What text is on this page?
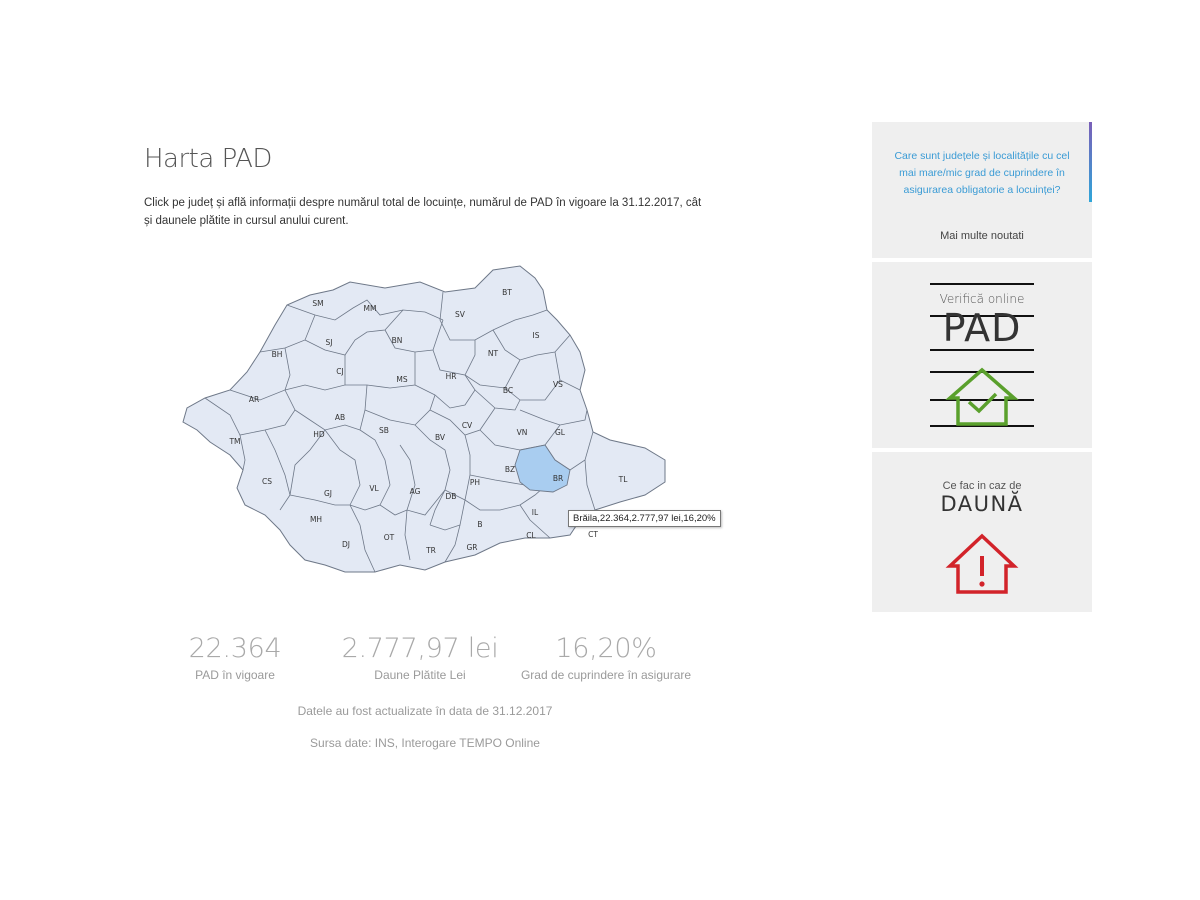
Harta PAD
Click pe județ și află informații despre numărul total de locuințe, numărul de PAD în vigoare la 31.12.2017, cât și daunele plătite in cursul anului curent.
SM
MM
BT
SV
IS
BH
SJ	BN
NT
CJ
MS	HR
BC
VS
AR
AB
SB
CV
VN	GL
TM
HD	BV
BR	TL
CS
GJ
VL	AG
DB
PH
BZ
MH
IL
CT
DJ
OT
TR	GR
B
CL
Brăila,22.364,2.777,97 lei,16,20%
22.364
PAD în vigoare
2.777,97 lei
Daune Plătite Lei
16,20%
Grad de cuprindere în asigurare
Datele au fost actualizate în data de 31.12.2017
Sursa date: INS, Interogare TEMPO Online
Care sunt județele și localitățile cu cel mai mare/mic grad de cuprindere în asigurarea obligatorie a locuinței?
Mai multe noutati
Verifică online
PAD
Ce fac in caz de
DAUNĂ
